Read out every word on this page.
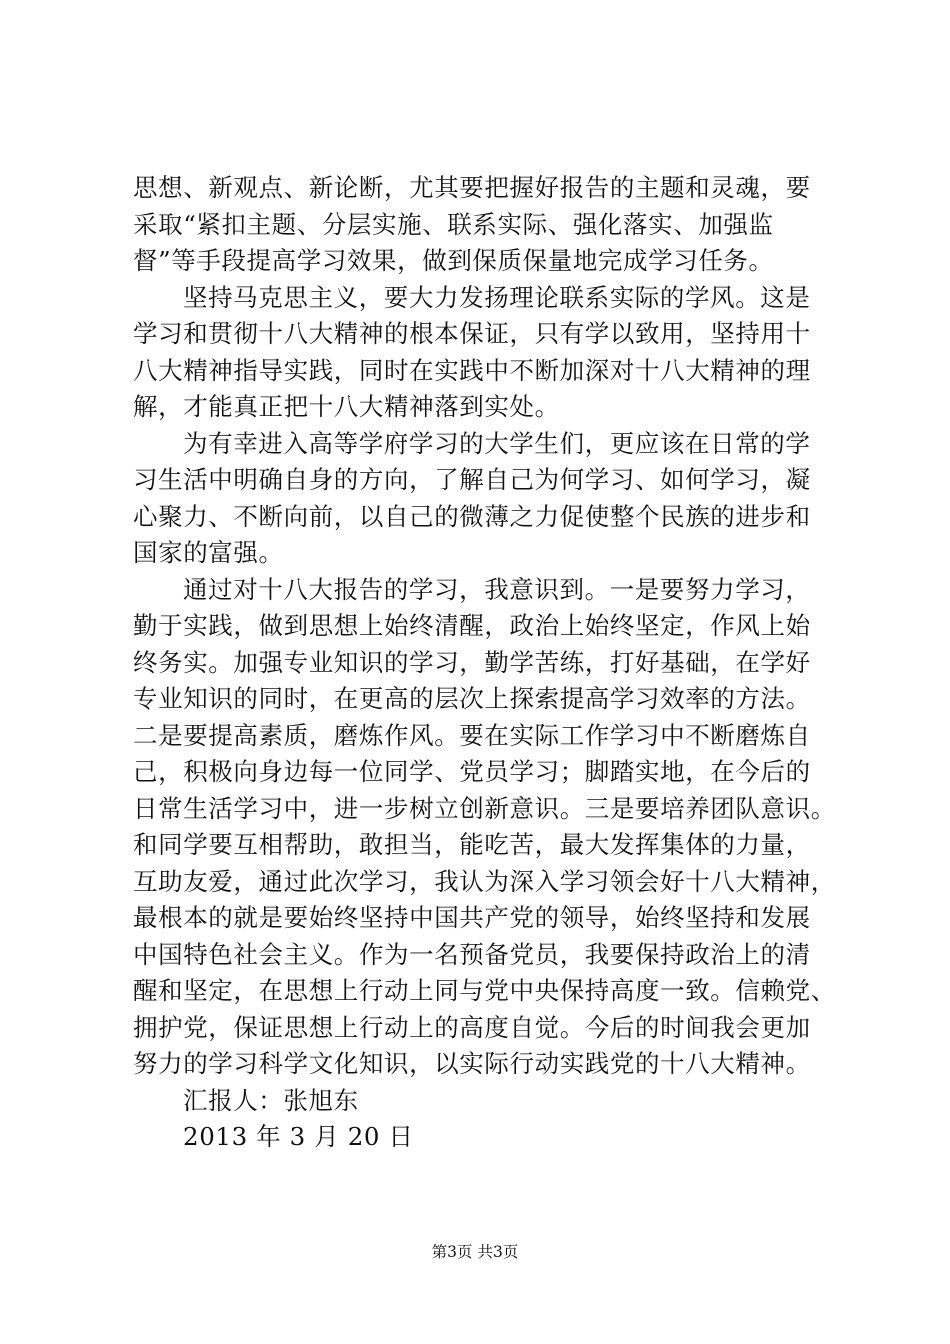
思想、新观点、新论断，尤其要把握好报告的主题和灵魂，要
采取“紧扣主题、分层实施、联系实际、强化落实、加强监
督”等手段提高学习效果，做到保质保量地完成学习任务。
坚持马克思主义，要大力发扬理论联系实际的学风。这是
学习和贯彻十八大精神的根本保证，只有学以致用，坚持用十
八大精神指导实践，同时在实践中不断加深对十八大精神的理
解，才能真正把十八大精神落到实处。
为有幸进入高等学府学习的大学生们，更应该在日常的学
习生活中明确自身的方向，了解自己为何学习、如何学习，凝
心聚力、不断向前，以自己的微薄之力促使整个民族的进步和
国家的富强。
通过对十八大报告的学习，我意识到。一是要努力学习，
勤于实践，做到思想上始终清醒，政治上始终坚定，作风上始
终务实。加强专业知识的学习，勤学苦练，打好基础，在学好
专业知识的同时，在更高的层次上探索提高学习效率的方法。
二是要提高素质，磨炼作风。要在实际工作学习中不断磨炼自
己，积极向身边每一位同学、党员学习；脚踏实地，在今后的
日常生活学习中，进一步树立创新意识。三是要培养团队意识。
和同学要互相帮助，敢担当，能吃苦，最大发挥集体的力量，
互助友爱，通过此次学习，我认为深入学习领会好十八大精神，
最根本的就是要始终坚持中国共产党的领导，始终坚持和发展
中国特色社会主义。作为一名预备党员，我要保持政治上的清
醒和坚定，在思想上行动上同与党中央保持高度一致。信赖党、
拥护党，保证思想上行动上的高度自觉。今后的时间我会更加
努力的学习科学文化知识，以实际行动实践党的十八大精神。
汇报人：张旭东
2013 年 3 月 20 日
第3页 共3页
